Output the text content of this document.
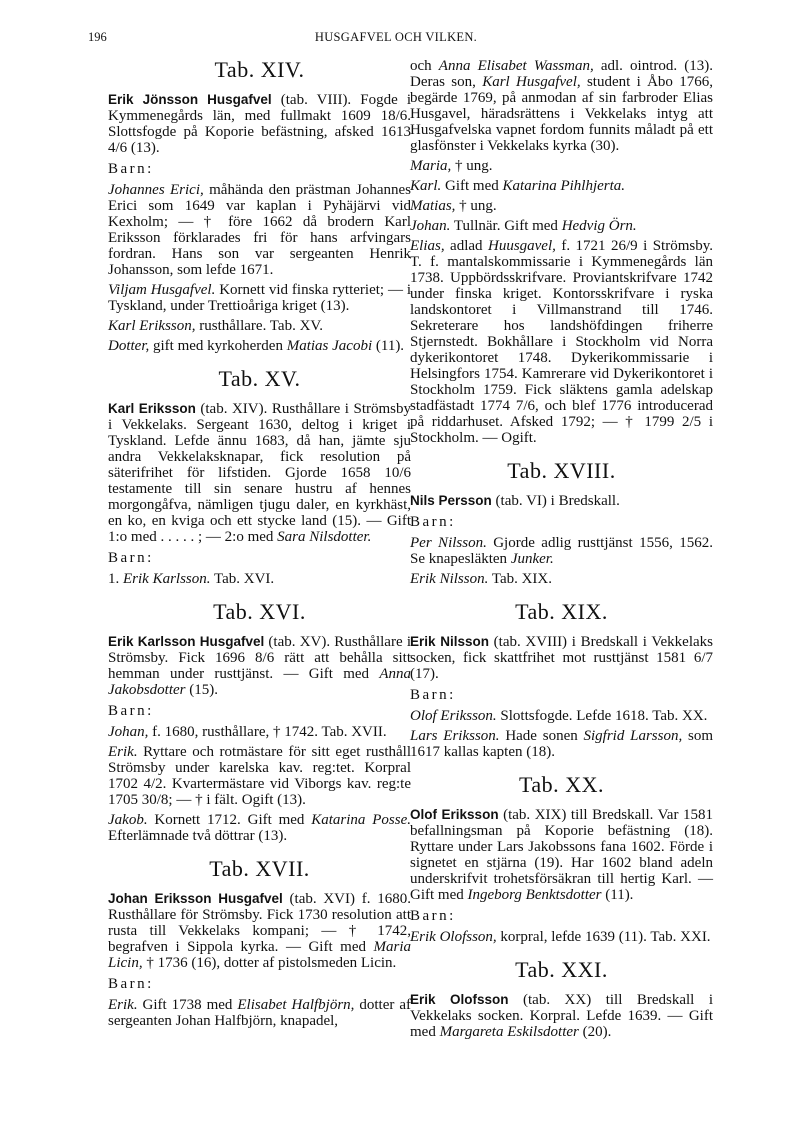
196	HUSGAFVEL OCH VILKEN.
Tab. XIV.

Erik Jönsson Husgafvel (tab. VIII). Fogde i Kymmenegårds län, med fullmakt 1609 18/6. Slottsfogde på Koporie befästning, afsked 1613 4/6 (13).

Barn:

Johannes Erici, måhända den prästman Johannes Erici som 1649 var kaplan i Pyhäjärvi vid Kexholm; — † före 1662 då brodern Karl Eriksson förklarades fri för hans arfvingars fordran. Hans son var sergeanten Henrik Johansson, som lefde 1671.

Viljam Husgafvel. Kornett vid finska rytteriet; — i Tyskland, under Trettioåriga kriget (13).

Karl Eriksson, rusthållare. Tab. XV.

Dotter, gift med kyrkoherden Matias Jacobi (11).

Tab. XV.

Karl Eriksson (tab. XIV). Rusthållare i Strömsby i Vekkelaks. Sergeant 1630, deltog i kriget i Tyskland. Lefde ännu 1683, då han, jämte sju andra Vekkelaksknapar, fick resolution på säterifrihet för lifstiden. Gjorde 1658 10/6 testamente till sin senare hustru af hennes morgongåfva, nämligen tjugu daler, en kyrkhäst, en ko, en kviga och ett stycke land (15). — Gift 1:o med . . . . . ; — 2:o med Sara Nilsdotter.

Barn:

1. Erik Karlsson. Tab. XVI.

Tab. XVI.

Erik Karlsson Husgafvel (tab. XV). Rusthållare i Strömsby. Fick 1696 8/6 rätt att behålla sitt hemman under rusttjänst. — Gift med Anna Jakobsdotter (15).

Barn:

Johan, f. 1680, rusthållare, † 1742. Tab. XVII.

Erik. Ryttare och rotmästare för sitt eget rusthåll Strömsby under karelska kav. reg:tet. Korpral 1702 4/2. Kvartermästare vid Viborgs kav. reg:te 1705 30/8; — † i fält. Ogift (13).

Jakob. Kornett 1712. Gift med Katarina Posse. Efterlämnade två döttrar (13).

Tab. XVII.

Johan Eriksson Husgafvel (tab. XVI) f. 1680. Rusthållare för Strömsby. Fick 1730 resolution att rusta till Vekkelaks kompani; — † 1742, begrafven i Sippola kyrka. — Gift med Maria Licin, † 1736 (16), dotter af pistolsmeden Licin.

Barn:

Erik. Gift 1738 med Elisabet Halfbjörn, dotter af sergeanten Johan Halfbjörn, knapadel,

och Anna Elisabet Wassman, adl. ointrod. (13). Deras son, Karl Husgafvel, student i Åbo 1766, begärde 1769, på anmodan af sin farbroder Elias Husgavel, häradsrättens i Vekkelaks intyg att Husgafvelska vapnet fordom funnits måladt på ett glasfönster i Vekkelaks kyrka (30).

Maria, † ung.

Karl. Gift med Katarina Pihlhjerta.

Matias, † ung.

Johan. Tullnär. Gift med Hedvig Örn.

Elias, adlad Huusgavel, f. 1721 26/9 i Strömsby. T. f. mantalskommissarie i Kymmenegårds län 1738. Uppbördsskrifvare. Proviantskrifvare 1742 under finska kriget. Kontorsskrifvare i ryska landskontoret i Villmanstrand till 1746. Sekreterare hos landshöfdingen friherre Stjernstedt. Bokhållare i Stockholm vid Norra dykerikontoret 1748. Dykerikommissarie i Helsingfors 1754. Kamrerare vid Dykerikontoret i Stockholm 1759. Fick släktens gamla adelskap stadfästadt 1774 7/6, och blef 1776 introducerad på riddarhuset. Afsked 1792; — † 1799 2/5 i Stockholm. — Ogift.

Tab. XVIII.

Nils Persson (tab. VI) i Bredskall.

Barn:

Per Nilsson. Gjorde adlig rusttjänst 1556, 1562. Se knapesläkten Junker.

Erik Nilsson. Tab. XIX.

Tab. XIX.

Erik Nilsson (tab. XVIII) i Bredskall i Vekkelaks socken, fick skattfrihet mot rusttjänst 1581 6/7 (17).

Barn:

Olof Eriksson. Slottsfogde. Lefde 1618. Tab. XX.

Lars Eriksson. Hade sonen Sigfrid Larsson, som 1617 kallas kapten (18).

Tab. XX.

Olof Eriksson (tab. XIX) till Bredskall. Var 1581 befallningsman på Koporie befästning (18). Ryttare under Lars Jakobssons fana 1602. Förde i signetet en stjärna (19). Har 1602 bland adeln underskrifvit trohetsförsäkran till hertig Karl. — Gift med Ingeborg Benktsdotter (11).

Barn:

Erik Olofsson, korpral, lefde 1639 (11). Tab. XXI.

Tab. XXI.

Erik Olofsson (tab. XX) till Bredskall i Vekkelaks socken. Korpral. Lefde 1639. — Gift med Margareta Eskilsdotter (20).
